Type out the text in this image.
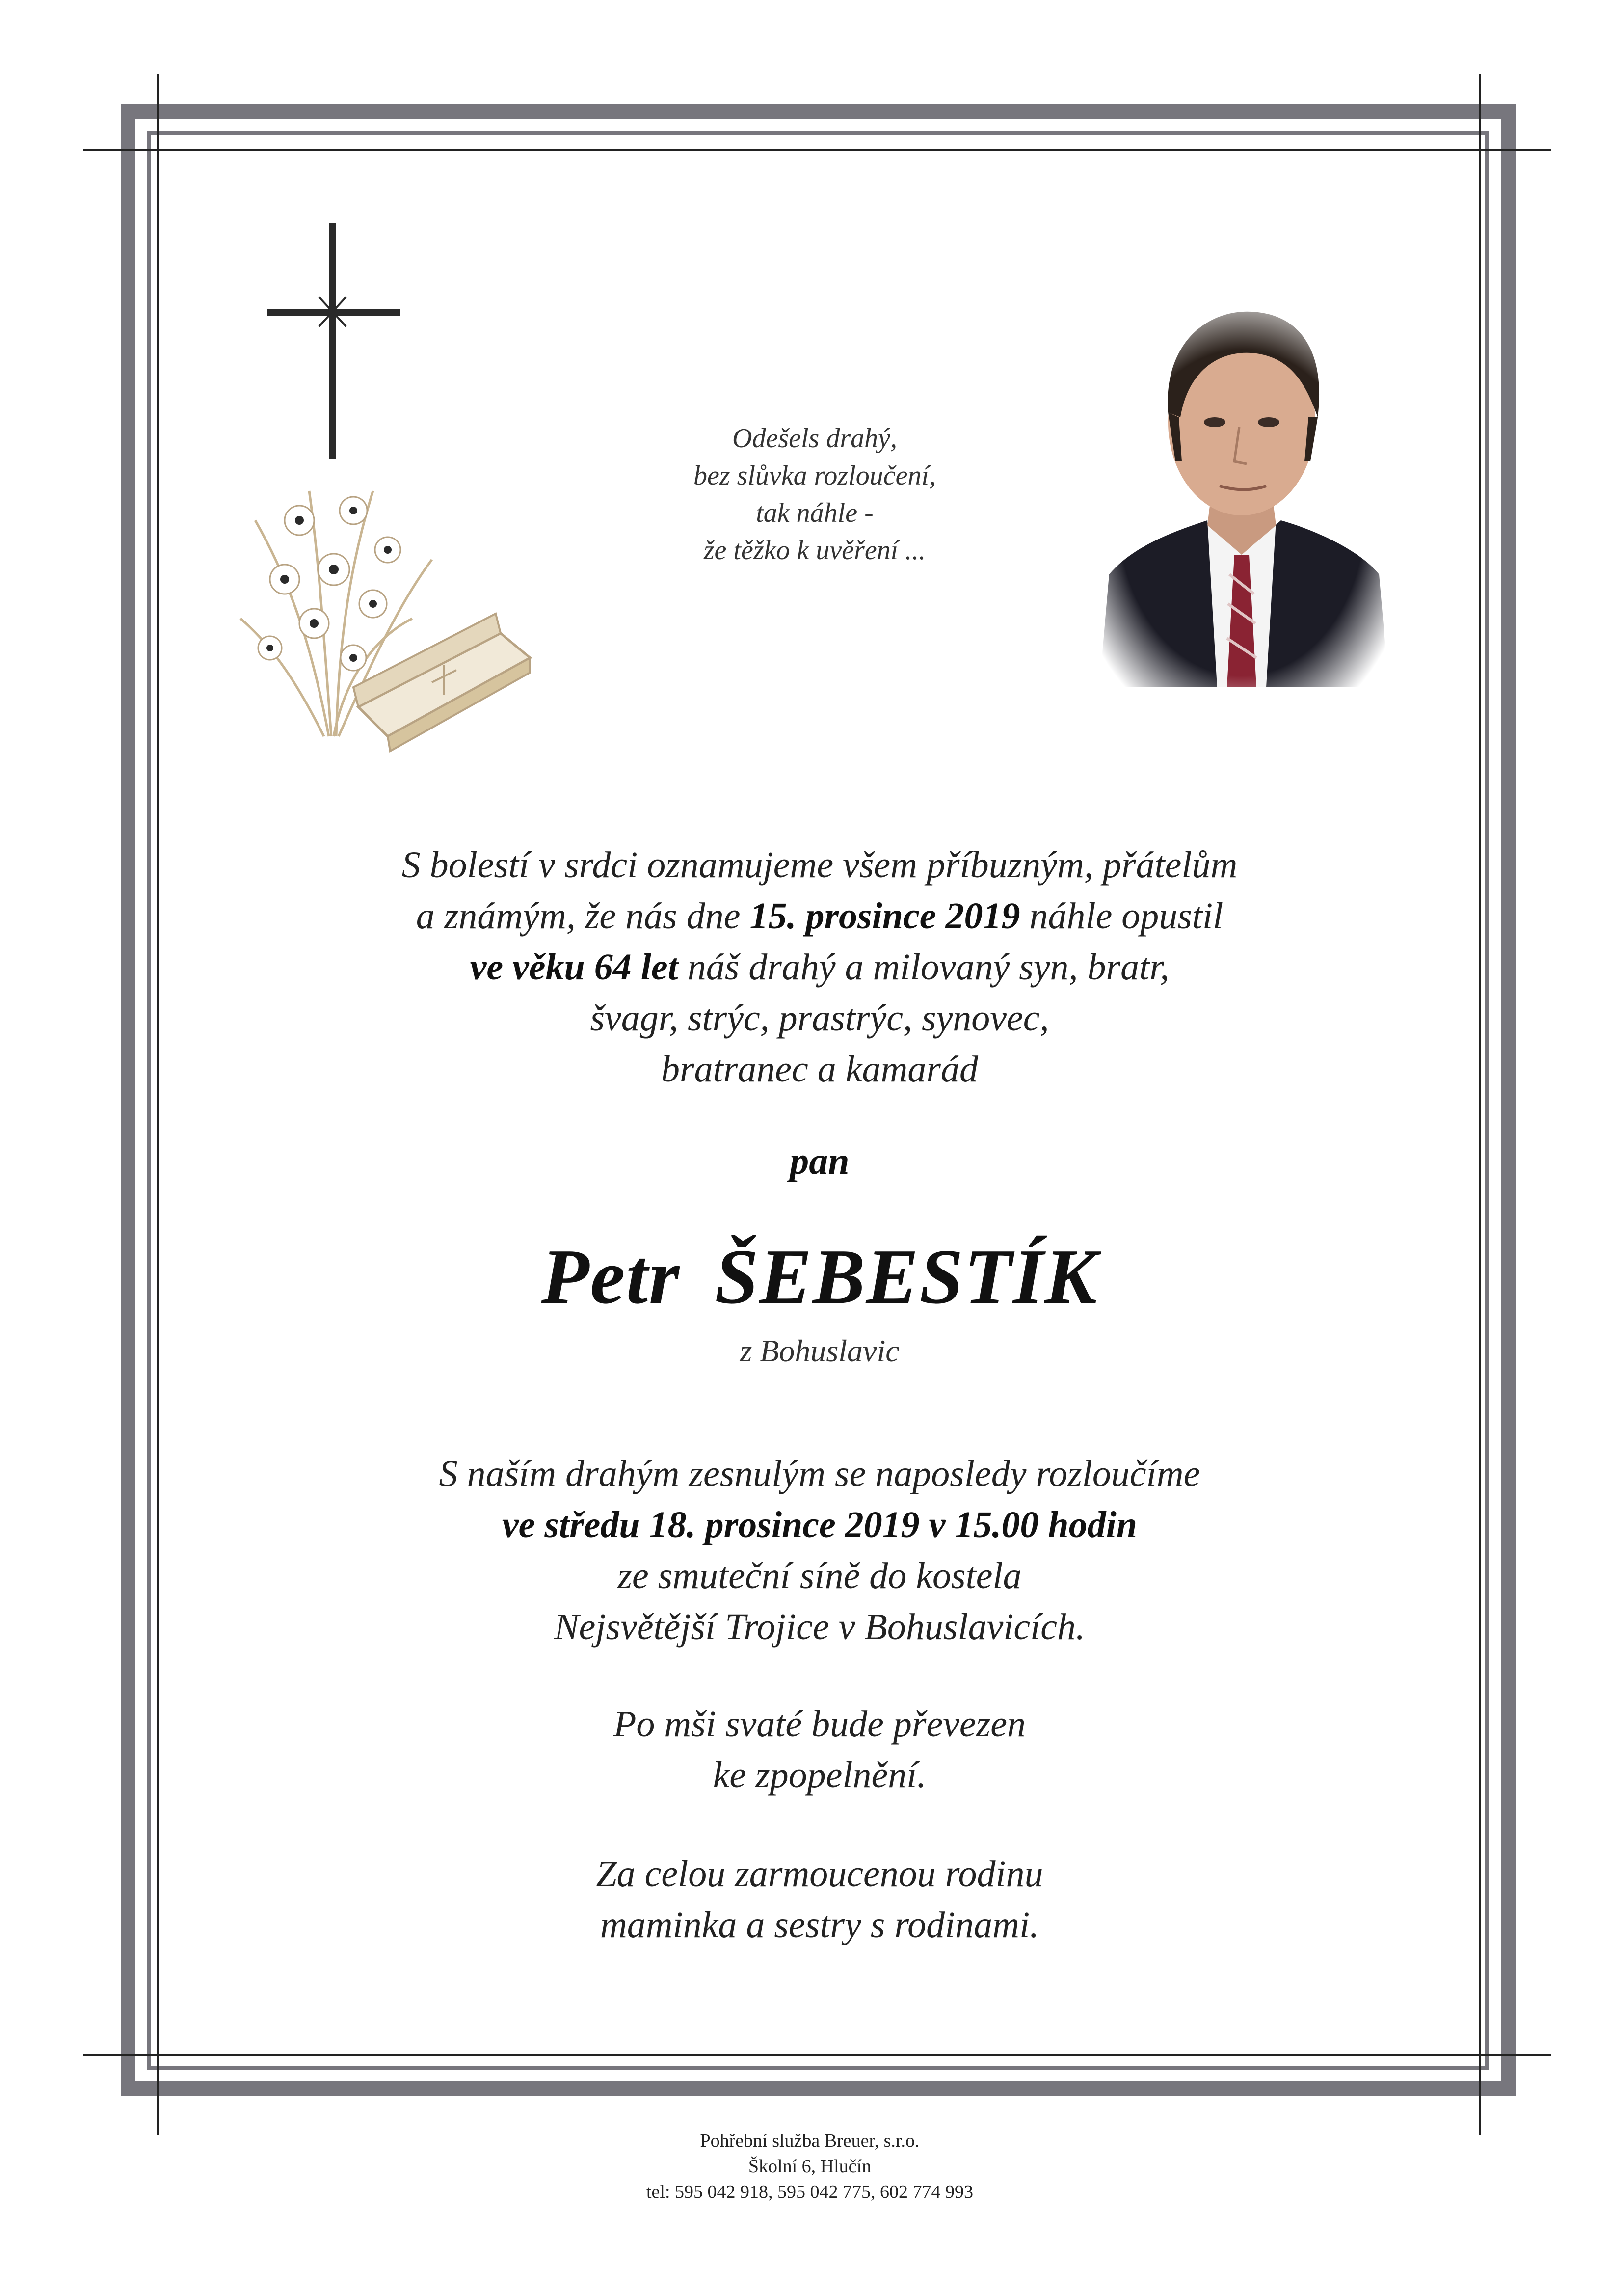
Odešels drahý,
bez slůvka rozloučení,
tak náhle -
že těžko k uvěření ...
S bolestí v srdci oznamujeme všem příbuzným, přátelům
a známým, že nás dne 15. prosince 2019 náhle opustil
ve věku 64 let náš drahý a milovaný syn, bratr,
švagr, strýc, prastrýc, synovec,
bratranec a kamarád
pan
Petr ŠEBESTÍK
z Bohuslavic
S naším drahým zesnulým se naposledy rozloučíme
ve středu 18. prosince 2019 v 15.00 hodin
ze smuteční síně do kostela
Nejsvětější Trojice v Bohuslavicích.
Po mši svaté bude převezen
ke zpopelnění.
Za celou zarmoucenou rodinu
maminka a sestry s rodinami.
Pohřební služba Breuer, s.r.o.
Školní 6, Hlučín
tel: 595 042 918, 595 042 775, 602 774 993
